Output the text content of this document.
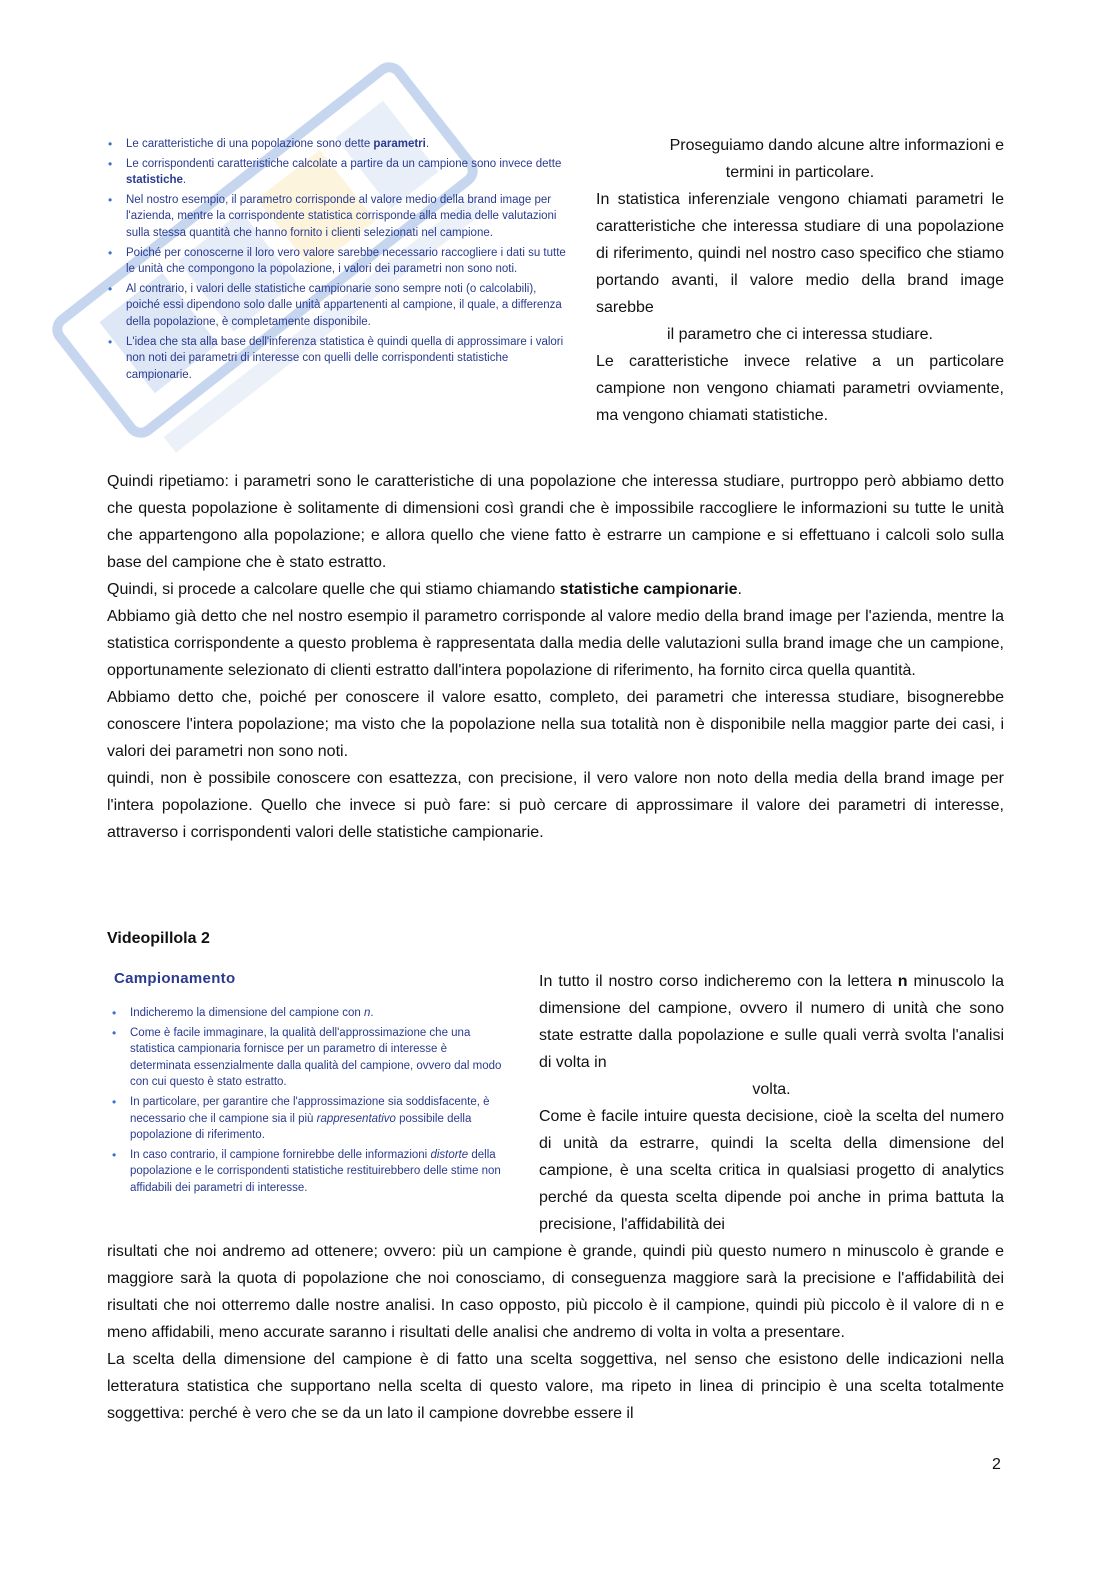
• Le caratteristiche di una popolazione sono dette parametri.
• Le corrispondenti caratteristiche calcolate a partire da un campione sono invece dette statistiche.
• Nel nostro esempio, il parametro corrisponde al valore medio della brand image per l'azienda, mentre la corrispondente statistica corrisponde alla media delle valutazioni sulla stessa quantità che hanno fornito i clienti selezionati nel campione.
• Poiché per conoscerne il loro vero valore sarebbe necessario raccogliere i dati su tutte le unità che compongono la popolazione, i valori dei parametri non sono noti.
• Al contrario, i valori delle statistiche campionarie sono sempre noti (o calcolabili), poiché essi dipendono solo dalle unità appartenenti al campione, il quale, a differenza della popolazione, è completamente disponibile.
• L'idea che sta alla base dell'inferenza statistica è quindi quella di approssimare i valori non noti dei parametri di interesse con quelli delle corrispondenti statistiche campionarie.

Proseguiamo dando alcune altre informazioni e

termini in particolare.

In statistica inferenziale vengono chiamati parametri le caratteristiche che interessa studiare di una popolazione di riferimento, quindi nel nostro caso specifico che stiamo portando avanti, il valore medio della brand image sarebbe

il parametro che ci interessa studiare.

Le caratteristiche invece relative a un particolare campione non vengono chiamati parametri ovviamente, ma vengono chiamati statistiche.

Quindi ripetiamo: i parametri sono le caratteristiche di una popolazione che interessa studiare, purtroppo però abbiamo detto che questa popolazione è solitamente di dimensioni così grandi che è impossibile raccogliere le informazioni su tutte le unità che appartengono alla popolazione; e allora quello che viene fatto è estrarre un campione e si effettuano i calcoli solo sulla base del campione che è stato estratto.

Quindi, si procede a calcolare quelle che qui stiamo chiamando statistiche campionarie.

Abbiamo già detto che nel nostro esempio il parametro corrisponde al valore medio della brand image per l'azienda, mentre la statistica corrispondente a questo problema è rappresentata dalla media delle valutazioni sulla brand image che un campione, opportunamente selezionato di clienti estratto dall'intera popolazione di riferimento, ha fornito circa quella quantità.

Abbiamo detto che, poiché per conoscere il valore esatto, completo, dei parametri che interessa studiare, bisognerebbe conoscere l'intera popolazione; ma visto che la popolazione nella sua totalità non è disponibile nella maggior parte dei casi, i valori dei parametri non sono noti.

quindi, non è possibile conoscere con esattezza, con precisione, il vero valore non noto della media della brand image per l'intera popolazione. Quello che invece si può fare: si può cercare di approssimare il valore dei parametri di interesse, attraverso i corrispondenti valori delle statistiche campionarie.

Videopillola 2
Campionamento
• Indicheremo la dimensione del campione con n.
• Come è facile immaginare, la qualità dell'approssimazione che una statistica campionaria fornisce per un parametro di interesse è determinata essenzialmente dalla qualità del campione, ovvero dal modo con cui questo è stato estratto.
• In particolare, per garantire che l'approssimazione sia soddisfacente, è necessario che il campione sia il più rappresentativo possibile della popolazione di riferimento.
• In caso contrario, il campione fornirebbe delle informazioni distorte della popolazione e le corrispondenti statistiche restituirebbero delle stime non affidabili dei parametri di interesse.

In tutto il nostro corso indicheremo con la lettera n minuscolo la dimensione del campione, ovvero il numero di unità che sono state estratte dalla popolazione e sulle quali verrà svolta l'analisi di volta in

volta.

Come è facile intuire questa decisione, cioè la scelta del numero di unità da estrarre, quindi la scelta della dimensione del campione, è una scelta critica in qualsiasi progetto di analytics perché da questa scelta dipende poi anche in prima battuta la precisione, l'affidabilità dei

risultati che noi andremo ad ottenere; ovvero: più un campione è grande, quindi più questo numero n minuscolo è grande e maggiore sarà la quota di popolazione che noi conosciamo, di conseguenza maggiore sarà la precisione e l'affidabilità dei risultati che noi otterremo dalle nostre analisi. In caso opposto, più piccolo è il campione, quindi più piccolo è il valore di n e meno affidabili, meno accurate saranno i risultati delle analisi che andremo di volta in volta a presentare.

La scelta della dimensione del campione è di fatto una scelta soggettiva, nel senso che esistono delle indicazioni nella letteratura statistica che supportano nella scelta di questo valore, ma ripeto in linea di principio è una scelta totalmente soggettiva: perché è vero che se da un lato il campione dovrebbe essere il

2
